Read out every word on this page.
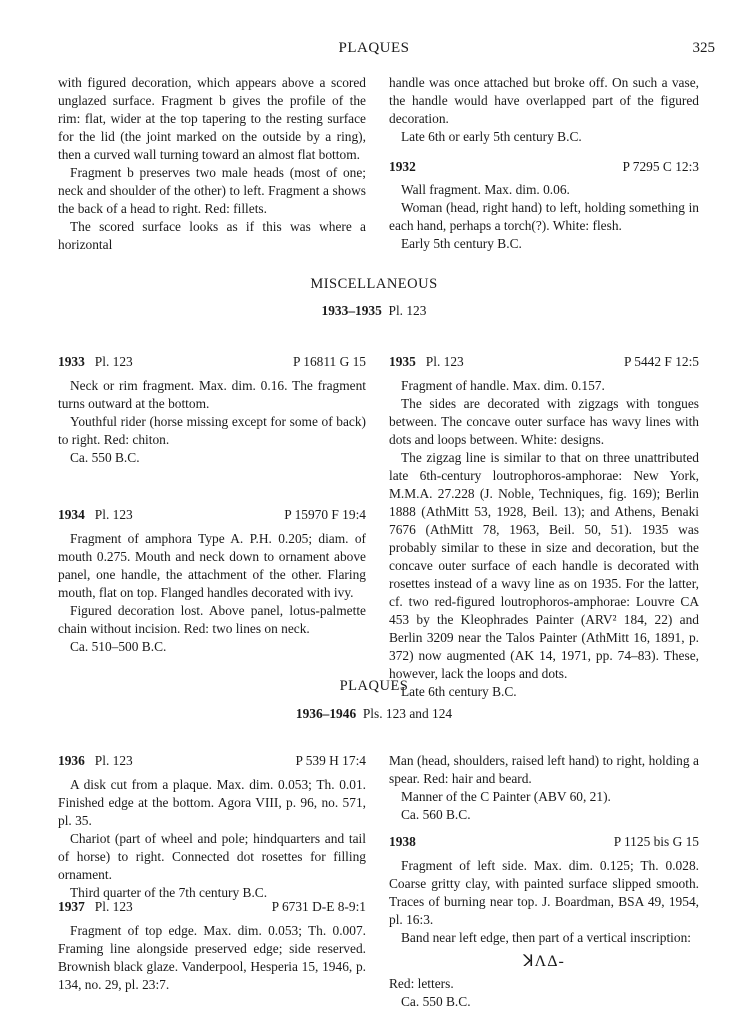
PLAQUES	325

with figured decoration, which appears above a scored unglazed surface. Fragment b gives the profile of the rim: flat, wider at the top tapering to the resting surface for the lid (the joint marked on the outside by a ring), then a curved wall turning toward an almost flat bottom.

Fragment b preserves two male heads (most of one; neck and shoulder of the other) to left. Fragment a shows the back of a head to right. Red: fillets.

The scored surface looks as if this was where a horizontal

handle was once attached but broke off. On such a vase, the handle would have overlapped part of the figured decoration.

Late 6th or early 5th century B.C.

1932	P 7295 C 12:3

Wall fragment. Max. dim. 0.06.

Woman (head, right hand) to left, holding something in each hand, perhaps a torch(?). White: flesh.

Early 5th century B.C.

MISCELLANEOUS
1933–1935 Pl. 123
1933 Pl. 123	P 16811 G 15

Neck or rim fragment. Max. dim. 0.16. The fragment turns outward at the bottom.

Youthful rider (horse missing except for some of back) to right. Red: chiton.

Ca. 550 B.C.

1934 Pl. 123	P 15970 F 19:4

Fragment of amphora Type A. P.H. 0.205; diam. of mouth 0.275. Mouth and neck down to ornament above panel, one handle, the attachment of the other. Flaring mouth, flat on top. Flanged handles decorated with ivy.

Figured decoration lost. Above panel, lotus-palmette chain without incision. Red: two lines on neck.

Ca. 510–500 B.C.

1935 Pl. 123	P 5442 F 12:5

Fragment of handle. Max. dim. 0.157.

The sides are decorated with zigzags with tongues between. The concave outer surface has wavy lines with dots and loops between. White: designs.

The zigzag line is similar to that on three unattributed late 6th-century loutrophoros-amphorae: New York, M.M.A. 27.228 (J. Noble, Techniques, fig. 169); Berlin 1888 (AthMitt 53, 1928, Beil. 13); and Athens, Benaki 7676 (AthMitt 78, 1963, Beil. 50, 51). 1935 was probably similar to these in size and decoration, but the concave outer surface of each handle is decorated with rosettes instead of a wavy line as on 1935. For the latter, cf. two red-figured loutrophoros-amphorae: Louvre CA 453 by the Kleophrades Painter (ARV² 184, 22) and Berlin 3209 near the Talos Painter (AthMitt 16, 1891, p. 372) now augmented (AK 14, 1971, pp. 74–83). These, however, lack the loops and dots.

Late 6th century B.C.

PLAQUES
1936–1946 Pls. 123 and 124
1936 Pl. 123	P 539 H 17:4

A disk cut from a plaque. Max. dim. 0.053; Th. 0.01. Finished edge at the bottom. Agora VIII, p. 96, no. 571, pl. 35.

Chariot (part of wheel and pole; hindquarters and tail of horse) to right. Connected dot rosettes for filling ornament.

Third quarter of the 7th century B.C.

1937 Pl. 123	P 6731 D-E 8-9:1

Fragment of top edge. Max. dim. 0.053; Th. 0.007. Framing line alongside preserved edge; side reserved. Brownish black glaze. Vanderpool, Hesperia 15, 1946, p. 134, no. 29, pl. 23:7.

Man (head, shoulders, raised left hand) to right, holding a spear. Red: hair and beard.

Manner of the C Painter (ABV 60, 21).

Ca. 560 B.C.

1938	P 1125 bis G 15

Fragment of left side. Max. dim. 0.125; Th. 0.028. Coarse gritty clay, with painted surface slipped smooth. Traces of burning near top. J. Boardman, BSA 49, 1954, pl. 16:3.

Band near left edge, then part of a vertical inscription:

ꓘΛΔ-

Red: letters.

Ca. 550 B.C.
